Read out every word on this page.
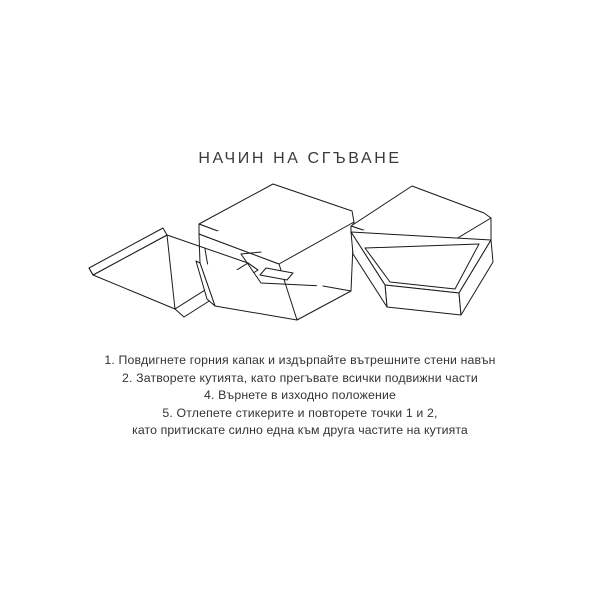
НАЧИН НА СГЪВАНЕ
1. Повдигнете горния капак и издърпайте вътрешните стени навън
2. Затворете кутията, като прегъвате всички подвижни части
4. Върнете в изходно положение
5. Отлепете стикерите и повторете точки 1 и 2,
като притискате силно една към друга частите на кутията
